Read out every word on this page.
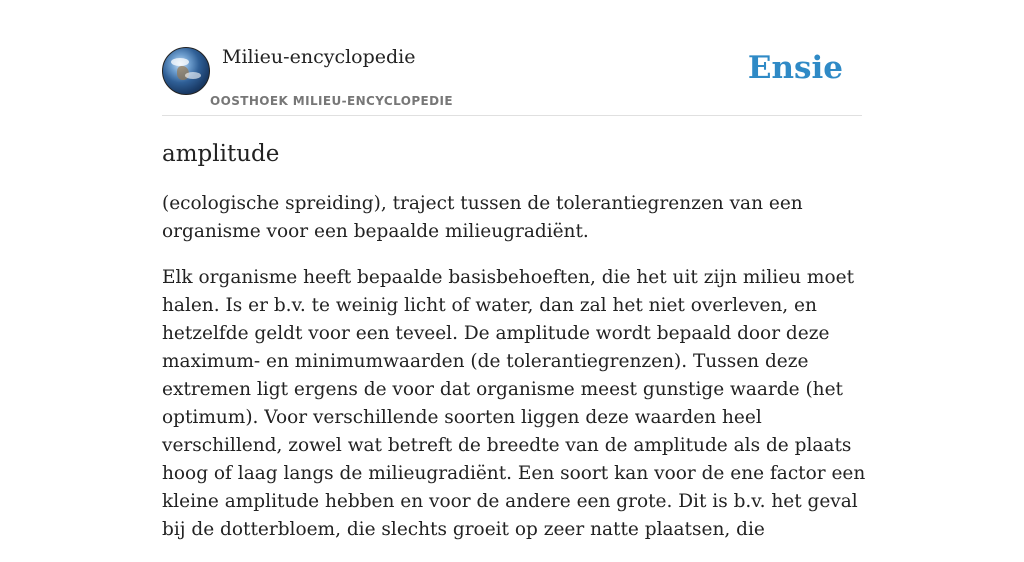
Milieu-encyclopedie
OOSTHOEK MILIEU-ENCYCLOPEDIE
Ensie
amplitude

(ecologische spreiding), traject tussen de tolerantiegrenzen van een organisme voor een bepaalde milieugradiënt.

Elk organisme heeft bepaalde basisbehoeften, die het uit zijn milieu moet halen. Is er b.v. te weinig licht of water, dan zal het niet overleven, en hetzelfde geldt voor een teveel. De amplitude wordt bepaald door deze maximum- en minimumwaarden (de tolerantiegrenzen). Tussen deze extremen ligt ergens de voor dat organisme meest gunstige waarde (het optimum). Voor verschillende soorten liggen deze waarden heel verschillend, zowel wat betreft de breedte van de amplitude als de plaats hoog of laag langs de milieugradiënt. Een soort kan voor de ene factor een kleine amplitude hebben en voor de andere een grote. Dit is b.v. het geval bij de dotterbloem, die slechts groeit op zeer natte plaatsen, die
